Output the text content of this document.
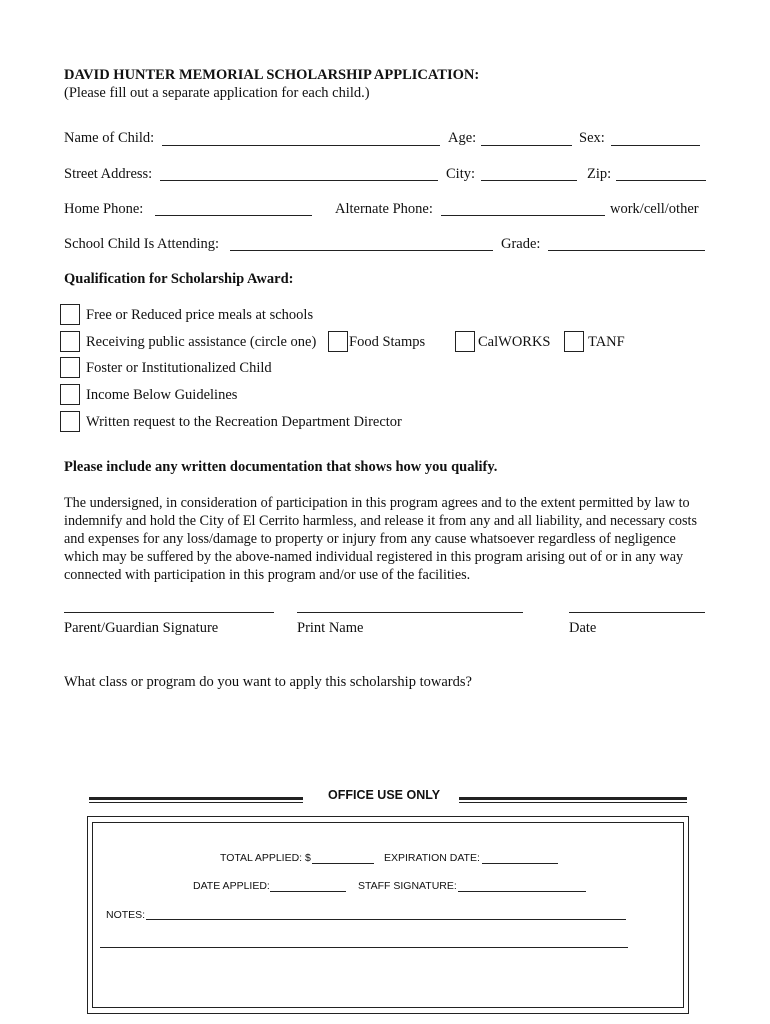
DAVID HUNTER MEMORIAL SCHOLARSHIP APPLICATION:
(Please fill out a separate application for each child.)
Name of Child:	Age:	Sex:
Street Address:	City:	Zip:
Home Phone:	Alternate Phone:	work/cell/other
School Child Is Attending:	Grade:
Qualification for Scholarship Award:
Free or Reduced price meals at schools
Receiving public assistance (circle one) Food Stamps	CalWORKS	TANF
Foster or Institutionalized Child
Income Below Guidelines
Written request to the Recreation Department Director
Please include any written documentation that shows how you qualify.
The undersigned, in consideration of participation in this program agrees and to the extent permitted by law to indemnify and hold the City of El Cerrito harmless, and release it from any and all liability, and necessary costs and expenses for any loss/damage to property or injury from any cause whatsoever regardless of negligence which may be suffered by the above-named individual registered in this program arising out of or in any way connected with participation in this program and/or use of the facilities.
Parent/Guardian Signature	Print Name	Date
What class or program do you want to apply this scholarship towards?
OFFICE USE ONLY
TOTAL APPLIED: $	EXPIRATION DATE:
DATE APPLIED:	STAFF SIGNATURE:
NOTES:
